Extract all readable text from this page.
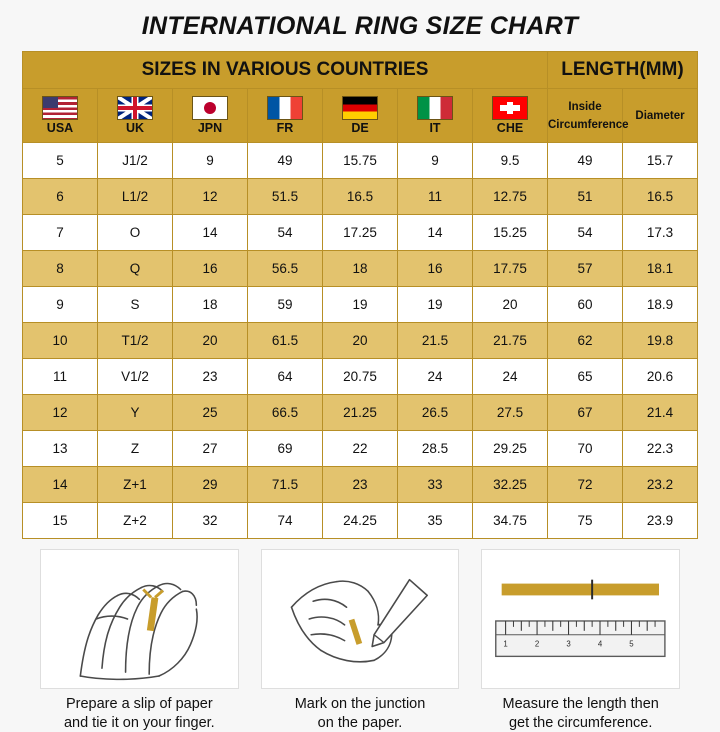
INTERNATIONAL RING SIZE CHART
SIZES IN VARIOUS COUNTRIES							LENGTH(MM)	

USA	UK	JPN	FR	DE	IT	CHE	Inside Circumference	Diameter
5	J1/2	9	49	15.75	9	9.5	49	15.7
6	L1/2	12	51.5	16.5	11	12.75	51	16.5
7	O	14	54	17.25	14	15.25	54	17.3
8	Q	16	56.5	18	16	17.75	57	18.1
9	S	18	59	19	19	20	60	18.9
10	T1/2	20	61.5	20	21.5	21.75	62	19.8
11	V1/2	23	64	20.75	24	24	65	20.6
12	Y	25	66.5	21.25	26.5	27.5	67	21.4
13	Z	27	69	22	28.5	29.25	70	22.3
14	Z+1	29	71.5	23	33	32.25	72	23.2
15	Z+2	32	74	24.25	35	34.75	75	23.9
Prepare a slip of paper
and tie it on your finger.
Mark on the junction
on the paper.
1	2	3	4	5
Measure the length then
get the circumference.
